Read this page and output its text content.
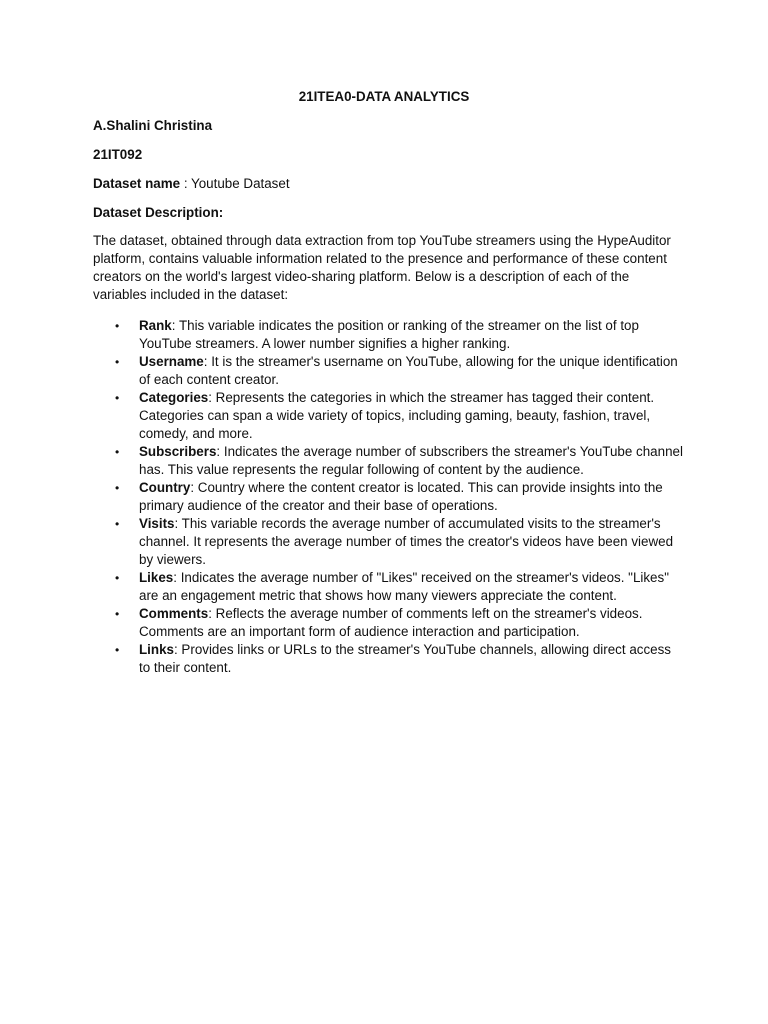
21ITEA0-DATA ANALYTICS
A.Shalini Christina
21IT092
Dataset name : Youtube Dataset
Dataset Description:
The dataset, obtained through data extraction from top YouTube streamers using the HypeAuditor platform, contains valuable information related to the presence and performance of these content creators on the world's largest video-sharing platform. Below is a description of each of the variables included in the dataset:
• Rank: This variable indicates the position or ranking of the streamer on the list of top YouTube streamers. A lower number signifies a higher ranking.
• Username: It is the streamer's username on YouTube, allowing for the unique identification of each content creator.
• Categories: Represents the categories in which the streamer has tagged their content. Categories can span a wide variety of topics, including gaming, beauty, fashion, travel, comedy, and more.
• Subscribers: Indicates the average number of subscribers the streamer's YouTube channel has. This value represents the regular following of content by the audience.
• Country: Country where the content creator is located. This can provide insights into the primary audience of the creator and their base of operations.
• Visits: This variable records the average number of accumulated visits to the streamer's channel. It represents the average number of times the creator's videos have been viewed by viewers.
• Likes: Indicates the average number of "Likes" received on the streamer's videos. "Likes" are an engagement metric that shows how many viewers appreciate the content.
• Comments: Reflects the average number of comments left on the streamer's videos. Comments are an important form of audience interaction and participation.
• Links: Provides links or URLs to the streamer's YouTube channels, allowing direct access to their content.
